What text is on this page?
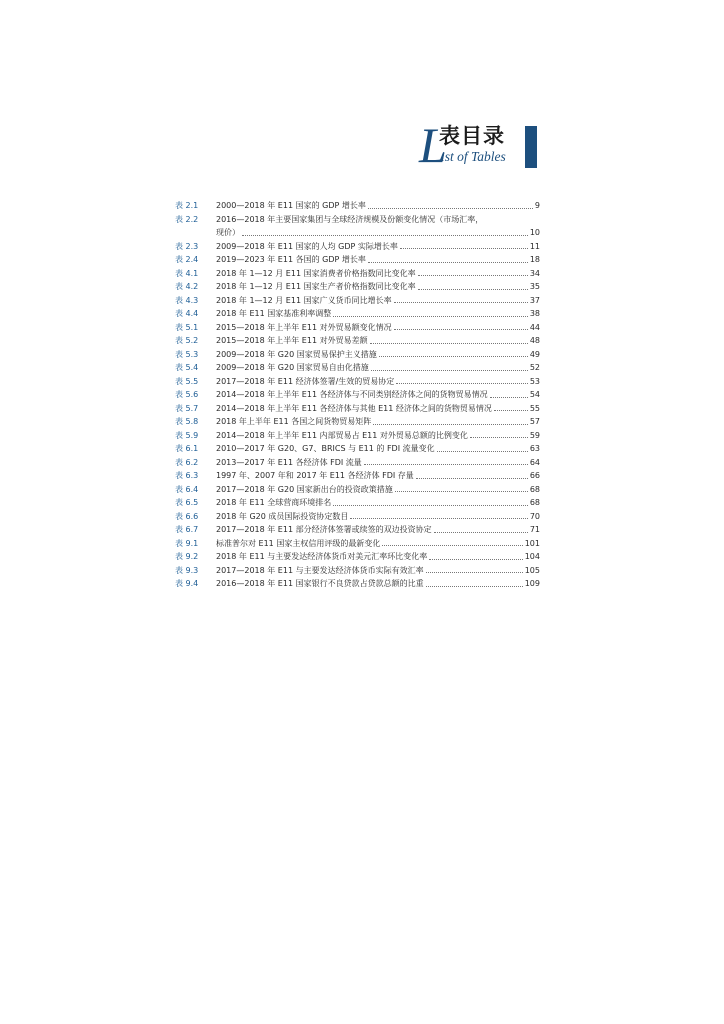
L
表目录
ist of Tables
表 2.1 2000—2018 年 E11 国家的 GDP 增长率	9
表 2.2 2016—2018 年主要国家集团与全球经济规模及份额变化情况（市场汇率，
现价）	10
表 2.3 2009—2018 年 E11 国家的人均 GDP 实际增长率	11
表 2.4 2019—2023 年 E11 各国的 GDP 增长率	18
表 4.1 2018 年 1—12 月 E11 国家消费者价格指数同比变化率	34
表 4.2 2018 年 1—12 月 E11 国家生产者价格指数同比变化率	35
表 4.3 2018 年 1—12 月 E11 国家广义货币同比增长率	37
表 4.4 2018 年 E11 国家基准利率调整	38
表 5.1 2015—2018 年上半年 E11 对外贸易额变化情况	44
表 5.2 2015—2018 年上半年 E11 对外贸易差额	48
表 5.3 2009—2018 年 G20 国家贸易保护主义措施	49
表 5.4 2009—2018 年 G20 国家贸易自由化措施	52
表 5.5 2017—2018 年 E11 经济体签署/生效的贸易协定	53
表 5.6 2014—2018 年上半年 E11 各经济体与不同类别经济体之间的货物贸易情况	54
表 5.7 2014—2018 年上半年 E11 各经济体与其他 E11 经济体之间的货物贸易情况	55
表 5.8 2018 年上半年 E11 各国之间货物贸易矩阵	57
表 5.9 2014—2018 年上半年 E11 内部贸易占 E11 对外贸易总额的比例变化	59
表 6.1 2010—2017 年 G20、G7、BRICS 与 E11 的 FDI 流量变化	63
表 6.2 2013—2017 年 E11 各经济体 FDI 流量	64
表 6.3 1997 年、2007 年和 2017 年 E11 各经济体 FDI 存量	66
表 6.4 2017—2018 年 G20 国家新出台的投资政策措施	68
表 6.5 2018 年 E11 全球营商环境排名	68
表 6.6 2018 年 G20 成员国际投资协定数目	70
表 6.7 2017—2018 年 E11 部分经济体签署或续签的双边投资协定	71
表 9.1 标准普尔对 E11 国家主权信用评级的最新变化	101
表 9.2 2018 年 E11 与主要发达经济体货币对美元汇率环比变化率	104
表 9.3 2017—2018 年 E11 与主要发达经济体货币实际有效汇率	105
表 9.4 2016—2018 年 E11 国家银行不良贷款占贷款总额的比重	109
